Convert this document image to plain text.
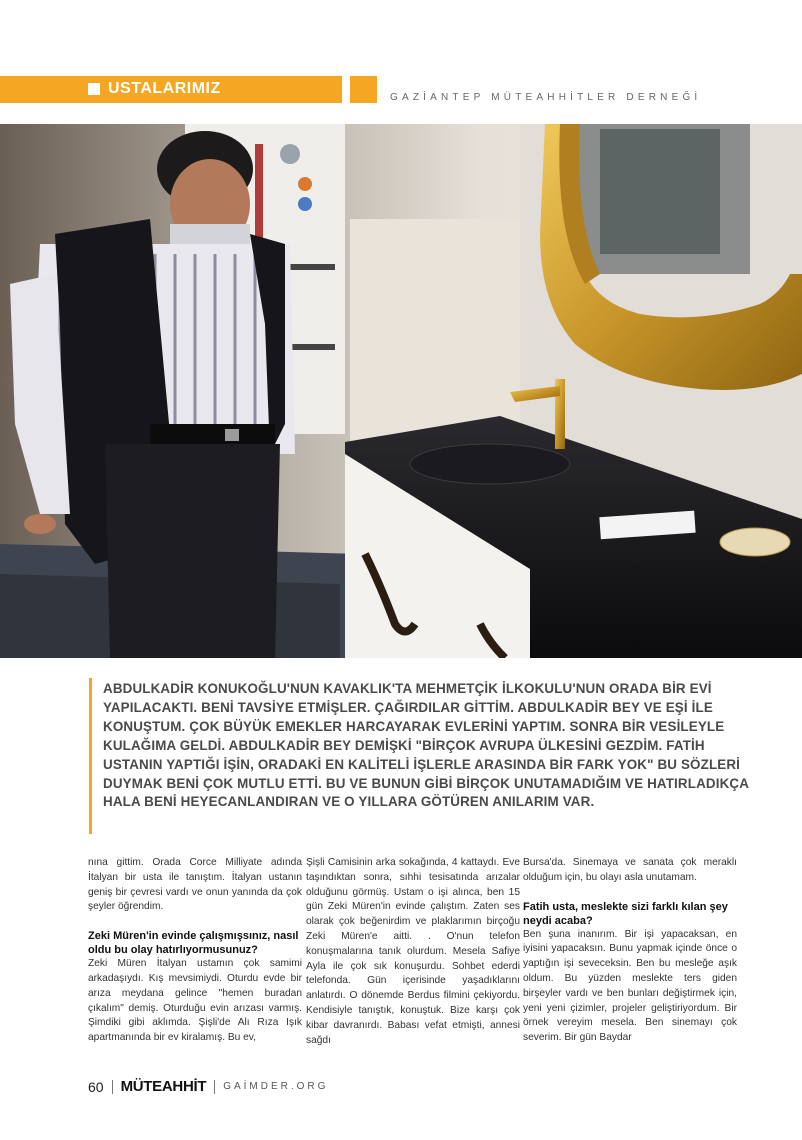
USTALARIMIZ
GAZİANTEP MÜTEAHHİTLER DERNEĞİ
ABDULKADİR KONUKOĞLU'NUN KAVAKLIK'TA MEHMETÇİK İLKOKULU'NUN ORADA BİR EVİ
YAPILACAKTI. BENİ TAVSİYE ETMİŞLER. ÇAĞIRDILAR GİTTİM. ABDULKADİR BEY VE EŞİ İLE
KONUŞTUM. ÇOK BÜYÜK EMEKLER HARCAYARAK EVLERİNİ YAPTIM. SONRA BİR VESİLEYLE
KULAĞIMA GELDİ. ABDULKADİR BEY DEMİŞKİ "BİRÇOK AVRUPA ÜLKESİNİ GEZDİM. FATİH
USTANIN YAPTIĞI İŞİN, ORADAKİ EN KALİTELİ İŞLERLE ARASINDA BİR FARK YOK" BU SÖZLERİ
DUYMAK BENİ ÇOK MUTLU ETTİ. BU VE BUNUN GİBİ BİRÇOK UNUTAMADIĞIM VE HATIRLADIKÇA
HALA BENİ HEYECANLANDIRAN VE O YILLARA GÖTÜREN ANILARIM VAR.

nına gittim. Orada Corce Milliyate adında İtalyan bir usta ile tanıştım. İtalyan ustanın geniş bir çevresi vardı ve onun yanında da çok şeyler öğrendim.

Zeki Müren'in evinde çalışmışsınız, nasıl oldu bu olay hatırlıyormusunuz?

Zeki Müren İtalyan ustamın çok samimi arkadaşıydı. Kış mevsimiydi. Oturdu evde bir arıza meydana gelince "hemen buradan çıkalım" demiş. Oturduğu evin arızası varmış. Şimdiki gibi aklımda. Şişli'de Alı Rıza Işık apartmanında bir ev kiralamış. Bu ev,

Şişli Camisinin arka sokağında, 4 kattaydı. Eve taşındıktan sonra, sıhhi tesisatında arızalar olduğunu görmüş. Ustam o işi alınca, ben 15 gün Zeki Müren'in evinde çalıştım. Zaten ses olarak çok beğenirdim ve plaklarımın birçoğu Zeki Müren'e aitti. . O'nun telefon konuşmalarına tanık olurdum. Mesela Safiye Ayla ile çok sık konuşurdu. Sohbet ederdi telefonda. Gün içerisinde yaşadıklarını anlatırdı. O dönemde Berdus filmini çekiyordu. Kendisiyle tanıştık, konuştuk. Bize karşı çok kibar davranırdı. Babası vefat etmişti, annesi sağdı

Bursa'da. Sinemaya ve sanata çok meraklı olduğum için, bu olayı asla unutamam.

Fatih usta, meslekte sizi farklı kılan şey neydi acaba?

Ben şuna inanırım. Bir işi yapacaksan, en iyisini yapacaksın. Bunu yapmak içinde önce o yaptığın işi seveceksin. Ben bu mesleğe aşık oldum. Bu yüzden meslekte ters giden birşeyler vardı ve ben bunları değiştirmek için, yeni yeni çizimler, projeler geliştiriyordum. Bir örnek vereyim mesela. Ben sinemayı çok severim. Bir gün Baydar

60 MÜTEAHHİT GAİMDER.ORG
